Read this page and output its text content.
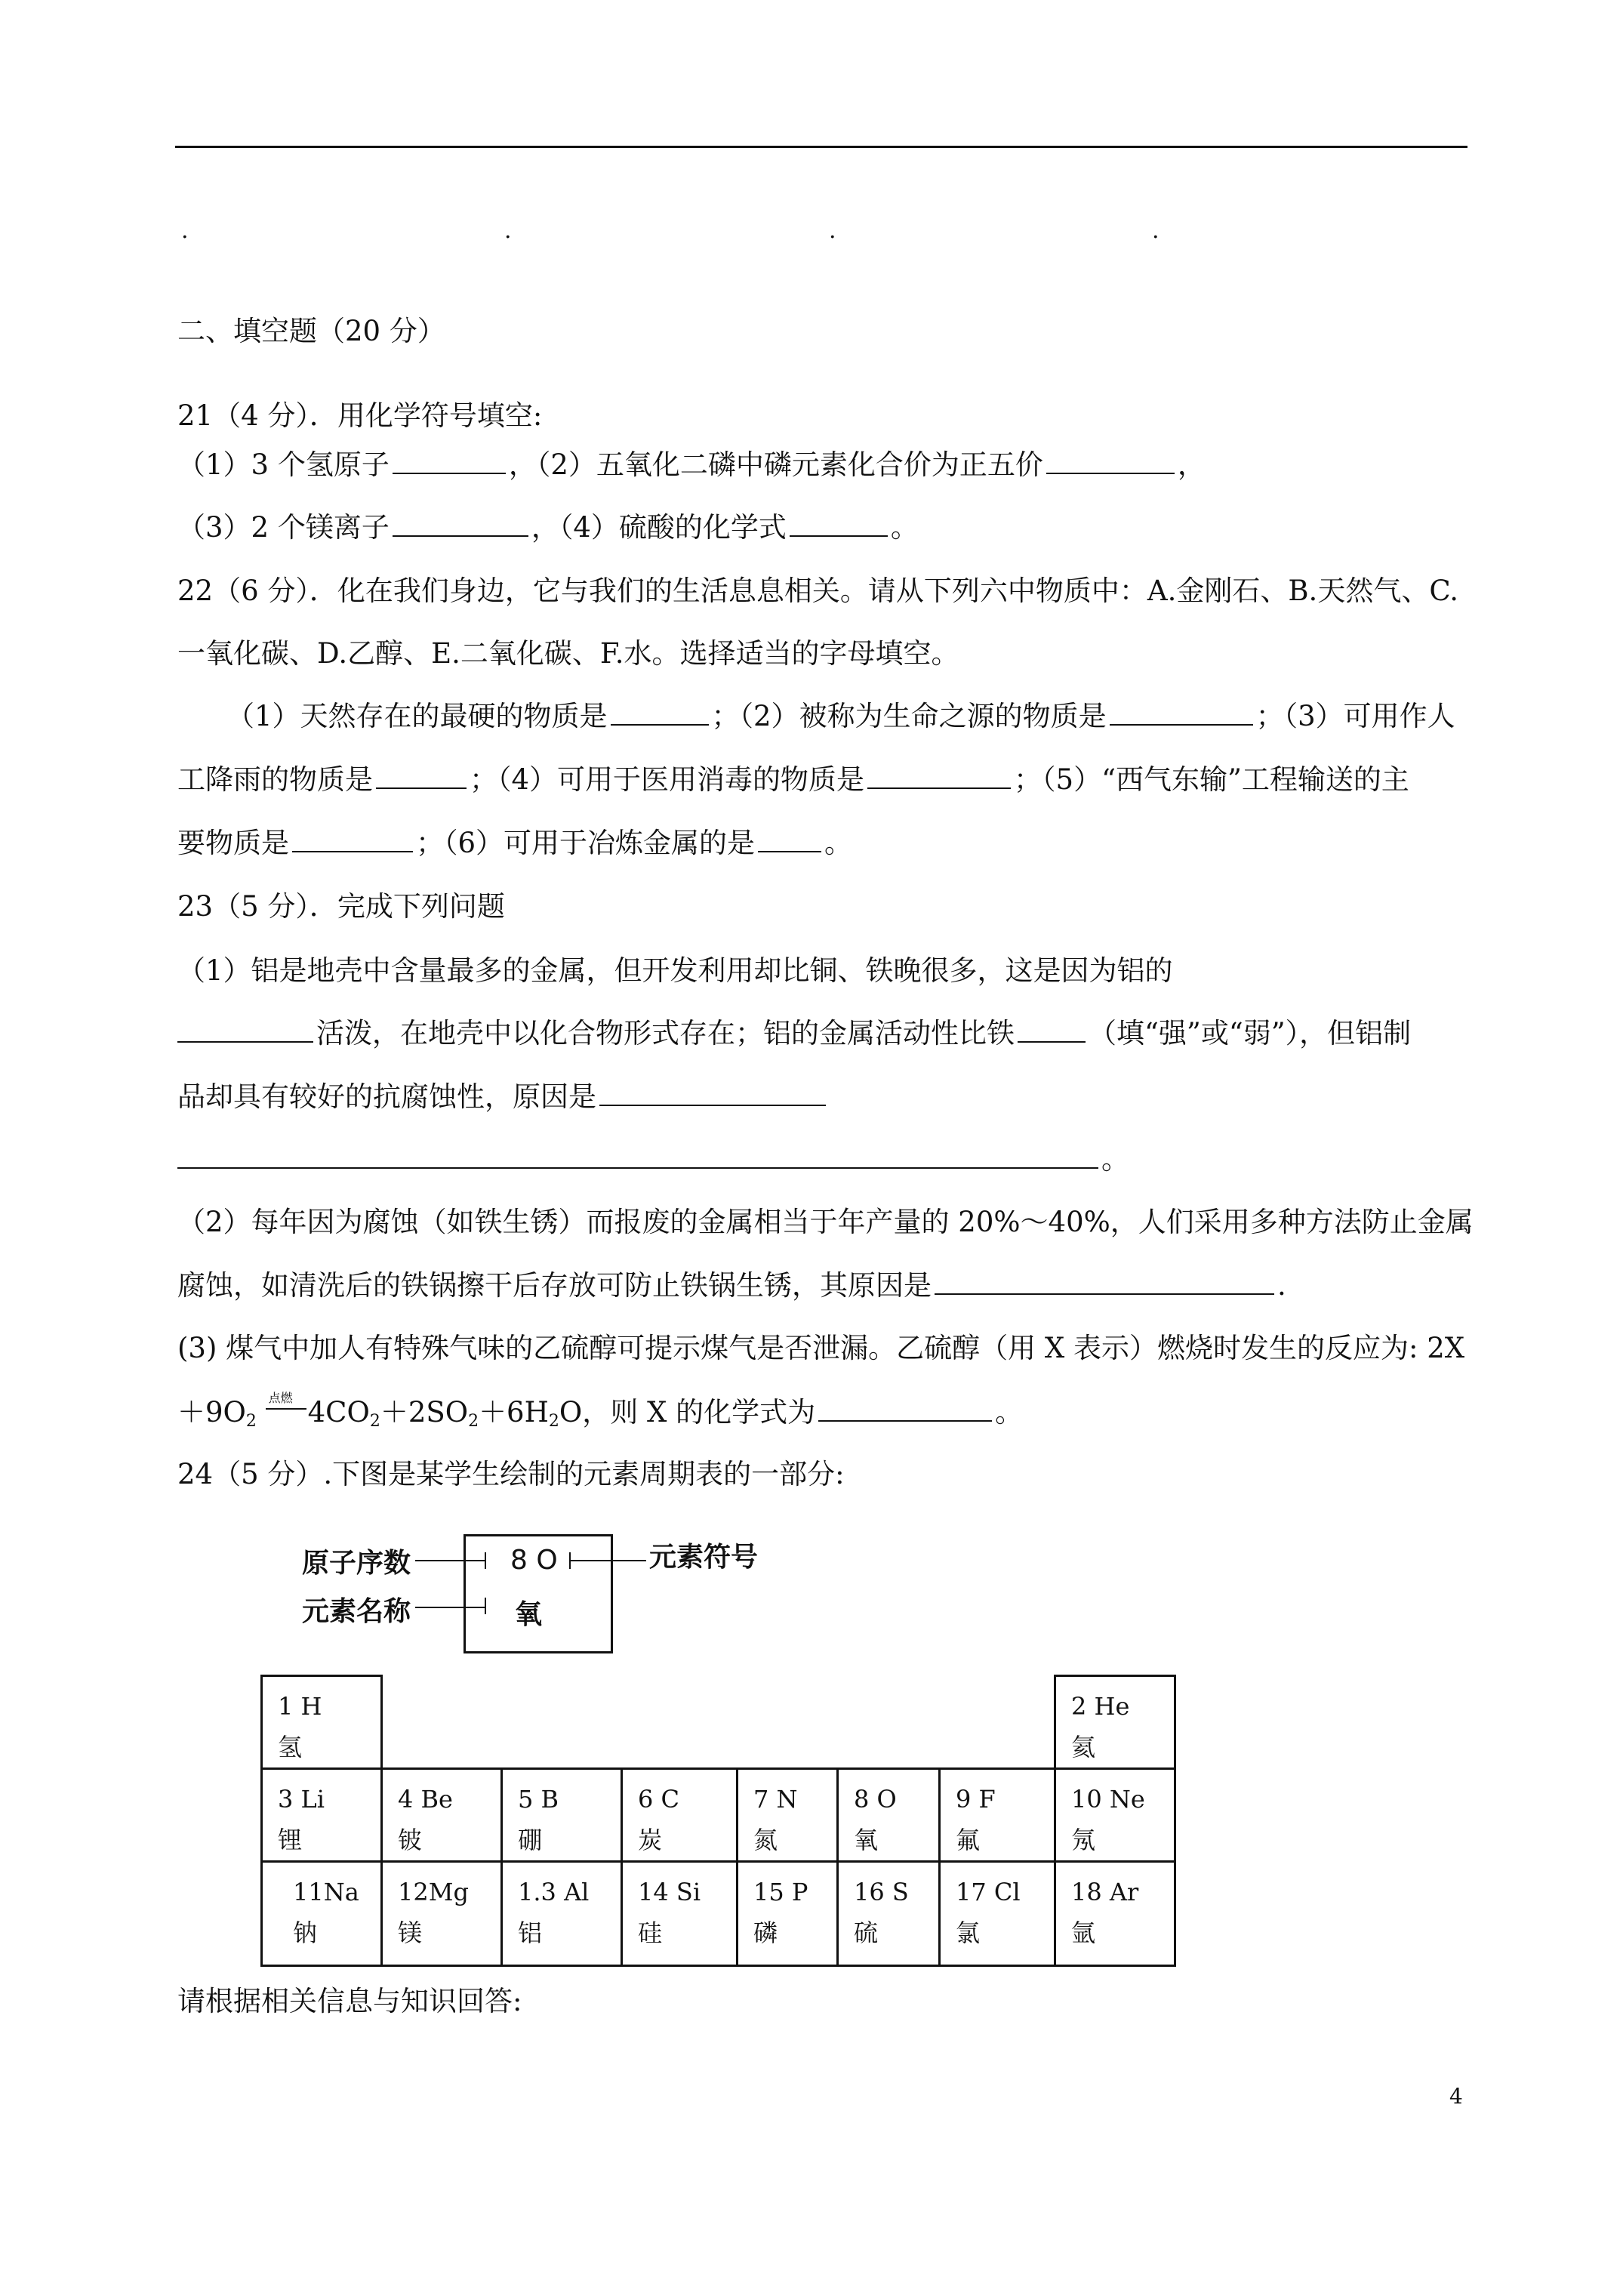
.	.	.	.
二、填空题（20 分）
21（4 分）．用化学符号填空:
（1）3 个氢原子	，（2）五氧化二磷中磷元素化合价为正五价	，
（3）2 个镁离子	，（4）硫酸的化学式	。
22（6 分）．化在我们身边，它与我们的生活息息相关。请从下列六中物质中：A.金刚石、B.天然气、C.
一氧化碳、D.乙醇、E.二氧化碳、F.水。选择适当的字母填空。
（1）天然存在的最硬的物质是	；（2）被称为生命之源的物质是	；（3）可用作人
工降雨的物质是	；（4）可用于医用消毒的物质是	；（5）“西气东输”工程输送的主
要物质是	；（6）可用于冶炼金属的是 。
23（5 分）．完成下列问题
（1）铝是地壳中含量最多的金属，但开发利用却比铜、铁晚很多，这是因为铝的
活泼，在地壳中以化合物形式存在；铝的金属活动性比铁	（填“强”或“弱”），但铝制
品却具有较好的抗腐蚀性，原因是
。
（2）每年因为腐蚀（如铁生锈）而报废的金属相当于年产量的 20%～40%，人们采用多种方法防止金属
腐蚀，如清洗后的铁锅擦干后存放可防止铁锅生锈，其原因是	.
(3) 煤气中加人有特殊气味的乙硫醇可提示煤气是否泄漏。乙硫醇（用 X 表示）燃烧时发生的反应为: 2X
$+9O_2$
点燃 $4CO_2+2SO_2+6H_2O$，则 X 的化学式为	。
24（5 分）.下图是某学生绘制的元素周期表的一部分:
原子序数
元素名称
元素符号
8 O
氧
1 H
氢							2 He
氦
3 Li
锂	4 Be
铍	5 B
硼	6 C
炭	7 N
氮	8 O
氧	9 F
氟	10 Ne
氖
11Na
钠	12Mg
镁	1.3 Al
铝	14 Si
硅	15 P
磷	16 S
硫	17 Cl
氯	18 Ar
氩
请根据相关信息与知识回答:
4
